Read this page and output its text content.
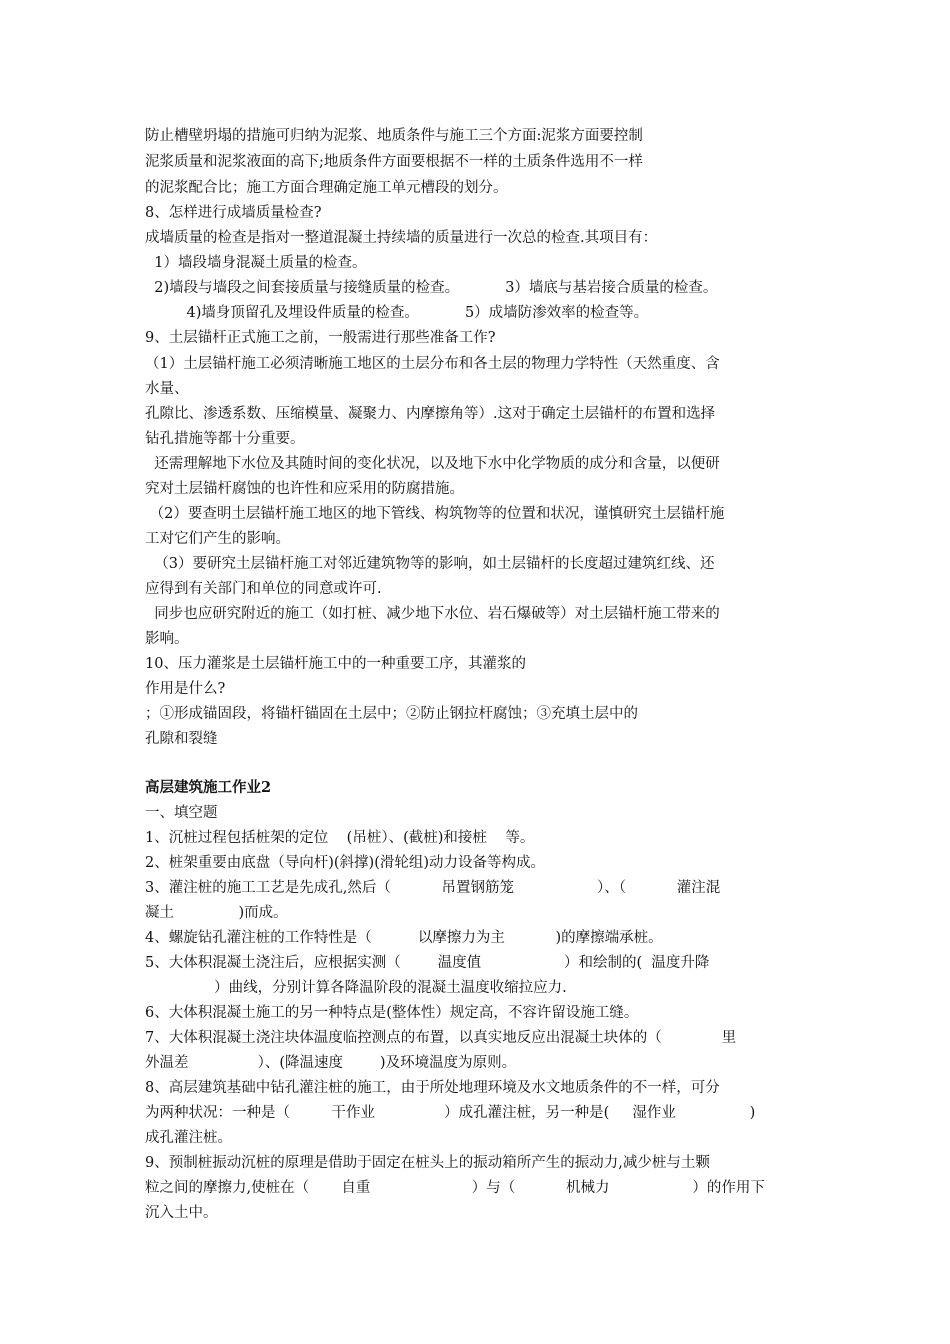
防止槽壁坍塌的措施可归纳为泥浆、地质条件与施工三个方面:泥浆方面要控制
泥浆质量和泥浆液面的高下;地质条件方面要根据不一样的土质条件选用不一样
的泥浆配合比；施工方面合理确定施工单元槽段的划分。
8、怎样进行成墙质量检查?
成墙质量的检查是指对一整道混凝土持续墙的质量进行一次总的检查.其项目有：
1）墙段墙身混凝土质量的检查。
2)墙段与墙段之间套接质量与接缝质量的检查。          3）墙底与基岩接合质量的检查。
4)墙身顶留孔及埋设件质量的检查。          5）成墙防渗效率的检查等。
9、土层锚杆正式施工之前，一般需进行那些准备工作?
（1）土层锚杆施工必须清晰施工地区的土层分布和各土层的物理力学特性（天然重度、含
水量、
孔隙比、渗透系数、压缩模量、凝聚力、内摩擦角等）.这对于确定土层锚杆的布置和选择
钻孔措施等都十分重要。
还需理解地下水位及其随时间的变化状况，以及地下水中化学物质的成分和含量，以便研
究对土层锚杆腐蚀的也许性和应采用的防腐措施。
（2）要查明土层锚杆施工地区的地下管线、构筑物等的位置和状况，谨慎研究土层锚杆施
工对它们产生的影响。
（3）要研究土层锚杆施工对邻近建筑物等的影响，如土层锚杆的长度超过建筑红线、还
应得到有关部门和单位的同意或许可.
同步也应研究附近的施工（如打桩、减少地下水位、岩石爆破等）对土层锚杆施工带来的
影响。
10、压力灌浆是土层锚杆施工中的一种重要工序，其灌浆的
作用是什么?
；①形成锚固段，将锚杆锚固在土层中；②防止钢拉杆腐蚀；③充填土层中的
孔隙和裂缝
高层建筑施工作业2
一、填空题
1、沉桩过程包括桩架的定位    (吊桩）、(截桩)和接桩    等。
2、桩架重要由底盘（导向杆)(斜撑)(滑轮组)动力设备等构成。
3、灌注桩的施工工艺是先成孔,然后（           吊置钢筋笼                  ）、（           灌注混
凝土              )而成。
4、螺旋钻孔灌注桩的工作特性是（          以摩擦力为主           )的摩擦端承桩。
5、大体积混凝土浇注后，应根据实测（        温度值                  ）和绘制的(  温度升降
）曲线，分别计算各降温阶段的混凝土温度收缩拉应力.
6、大体积混凝土施工的另一种特点是(整体性）规定高，不容许留设施工缝。
7、大体积混凝土浇注块体温度临控测点的布置，以真实地反应出混凝土块体的（             里
外温差               ）、(降温速度        )及环境温度为原则。
8、高层建筑基础中钻孔灌注桩的施工，由于所处地理环境及水文地质条件的不一样，可分
为两种状况：一种是（         干作业               ）成孔灌注桩，另一种是(     湿作业                )
成孔灌注桩。
9、预制桩振动沉桩的原理是借助于固定在桩头上的振动箱所产生的振动力,减少桩与土颗
粒之间的摩擦力,使桩在（       自重                      ）与（           机械力                  ）的作用下
沉入土中。
